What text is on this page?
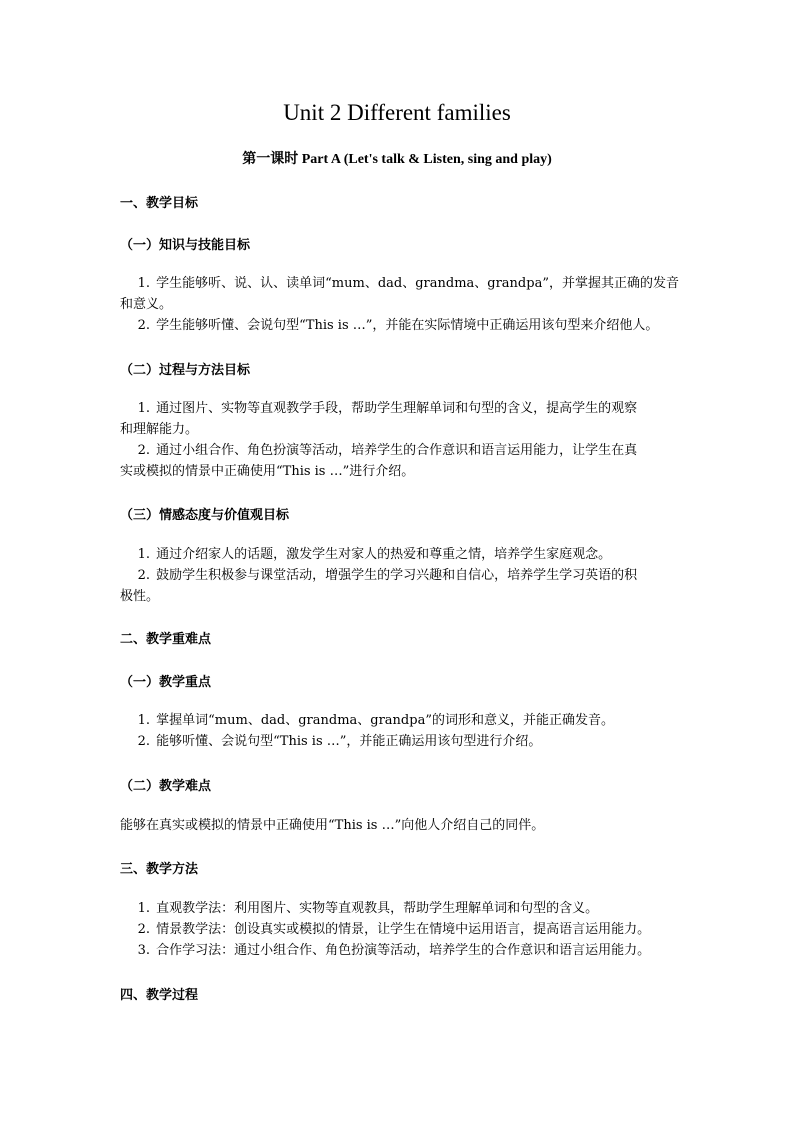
Unit 2 Different families
第一课时 Part A (Let's talk & Listen, sing and play)
一、教学目标
（一）知识与技能目标
1. 学生能够听、说、认、读单词“mum、dad、grandma、grandpa”，并掌握其正确的发音
和意义。
2. 学生能够听懂、会说句型“This is …”，并能在实际情境中正确运用该句型来介绍他人。
（二）过程与方法目标
1. 通过图片、实物等直观教学手段，帮助学生理解单词和句型的含义，提高学生的观察
和理解能力。
2. 通过小组合作、角色扮演等活动，培养学生的合作意识和语言运用能力，让学生在真
实或模拟的情景中正确使用“This is …”进行介绍。
（三）情感态度与价值观目标
1. 通过介绍家人的话题，激发学生对家人的热爱和尊重之情，培养学生家庭观念。
2. 鼓励学生积极参与课堂活动，增强学生的学习兴趣和自信心，培养学生学习英语的积
极性。
二、教学重难点
（一）教学重点
1. 掌握单词“mum、dad、grandma、grandpa”的词形和意义，并能正确发音。
2. 能够听懂、会说句型“This is …”，并能正确运用该句型进行介绍。
（二）教学难点
能够在真实或模拟的情景中正确使用“This is …”向他人介绍自己的同伴。
三、教学方法
1. 直观教学法：利用图片、实物等直观教具，帮助学生理解单词和句型的含义。
2. 情景教学法：创设真实或模拟的情景，让学生在情境中运用语言，提高语言运用能力。
3. 合作学习法：通过小组合作、角色扮演等活动，培养学生的合作意识和语言运用能力。
四、教学过程
